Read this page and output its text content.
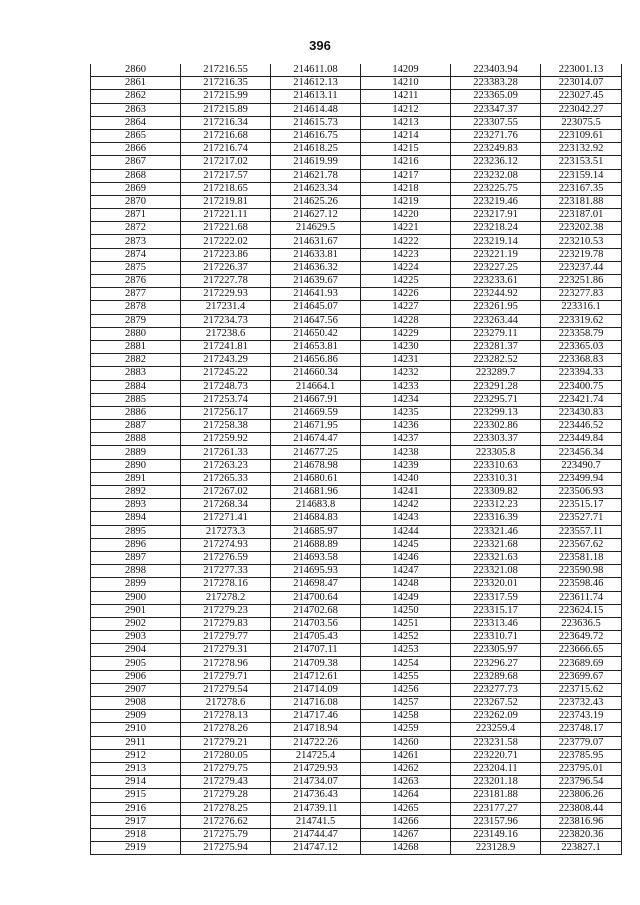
396
2860	217216.55	214611.08	14209	223403.94	223001.13
2861	217216.35	214612.13	14210	223383.28	223014.07
2862	217215.99	214613.11	14211	223365.09	223027.45
2863	217215.89	214614.48	14212	223347.37	223042.27
2864	217216.34	214615.73	14213	223307.55	223075.5
2865	217216.68	214616.75	14214	223271.76	223109.61
2866	217216.74	214618.25	14215	223249.83	223132.92
2867	217217.02	214619.99	14216	223236.12	223153.51
2868	217217.57	214621.78	14217	223232.08	223159.14
2869	217218.65	214623.34	14218	223225.75	223167.35
2870	217219.81	214625.26	14219	223219.46	223181.88
2871	217221.11	214627.12	14220	223217.91	223187.01
2872	217221.68	214629.5	14221	223218.24	223202.38
2873	217222.02	214631.67	14222	223219.14	223210.53
2874	217223.86	214633.81	14223	223221.19	223219.78
2875	217226.37	214636.32	14224	223227.25	223237.44
2876	217227.78	214639.67	14225	223233.61	223251.86
2877	217229.93	214641.93	14226	223244.92	223277.83
2878	217231.4	214645.07	14227	223261.95	223316.1
2879	217234.73	214647.56	14228	223263.44	223319.62
2880	217238.6	214650.42	14229	223279.11	223358.79
2881	217241.81	214653.81	14230	223281.37	223365.03
2882	217243.29	214656.86	14231	223282.52	223368.83
2883	217245.22	214660.34	14232	223289.7	223394.33
2884	217248.73	214664.1	14233	223291.28	223400.75
2885	217253.74	214667.91	14234	223295.71	223421.74
2886	217256.17	214669.59	14235	223299.13	223430.83
2887	217258.38	214671.95	14236	223302.86	223446.52
2888	217259.92	214674.47	14237	223303.37	223449.84
2889	217261.33	214677.25	14238	223305.8	223456.34
2890	217263.23	214678.98	14239	223310.63	223490.7
2891	217265.33	214680.61	14240	223310.31	223499.94
2892	217267.02	214681.96	14241	223309.82	223506.93
2893	217268.34	214683.8	14242	223312.23	223515.17
2894	217271.41	214684.83	14243	223316.39	223527.71
2895	217273.3	214685.97	14244	223321.46	223557.11
2896	217274.93	214688.89	14245	223321.68	223567.62
2897	217276.59	214693.58	14246	223321.63	223581.18
2898	217277.33	214695.93	14247	223321.08	223590.98
2899	217278.16	214698.47	14248	223320.01	223598.46
2900	217278.2	214700.64	14249	223317.59	223611.74
2901	217279.23	214702.68	14250	223315.17	223624.15
2902	217279.83	214703.56	14251	223313.46	223636.5
2903	217279.77	214705.43	14252	223310.71	223649.72
2904	217279.31	214707.11	14253	223305.97	223666.65
2905	217278.96	214709.38	14254	223296.27	223689.69
2906	217279.71	214712.61	14255	223289.68	223699.67
2907	217279.54	214714.09	14256	223277.73	223715.62
2908	217278.6	214716.08	14257	223267.52	223732.43
2909	217278.13	214717.46	14258	223262.09	223743.19
2910	217278.26	214718.94	14259	223259.4	223748.17
2911	217279.21	214722.26	14260	223231.58	223779.07
2912	217280.05	214725.4	14261	223220.71	223785.95
2913	217279.75	214729.93	14262	223204.11	223795.01
2914	217279.43	214734.07	14263	223201.18	223796.54
2915	217279.28	214736.43	14264	223181.88	223806.26
2916	217278.25	214739.11	14265	223177.27	223808.44
2917	217276.62	214741.5	14266	223157.96	223816.96
2918	217275.79	214744.47	14267	223149.16	223820.36
2919	217275.94	214747.12	14268	223128.9	223827.1
